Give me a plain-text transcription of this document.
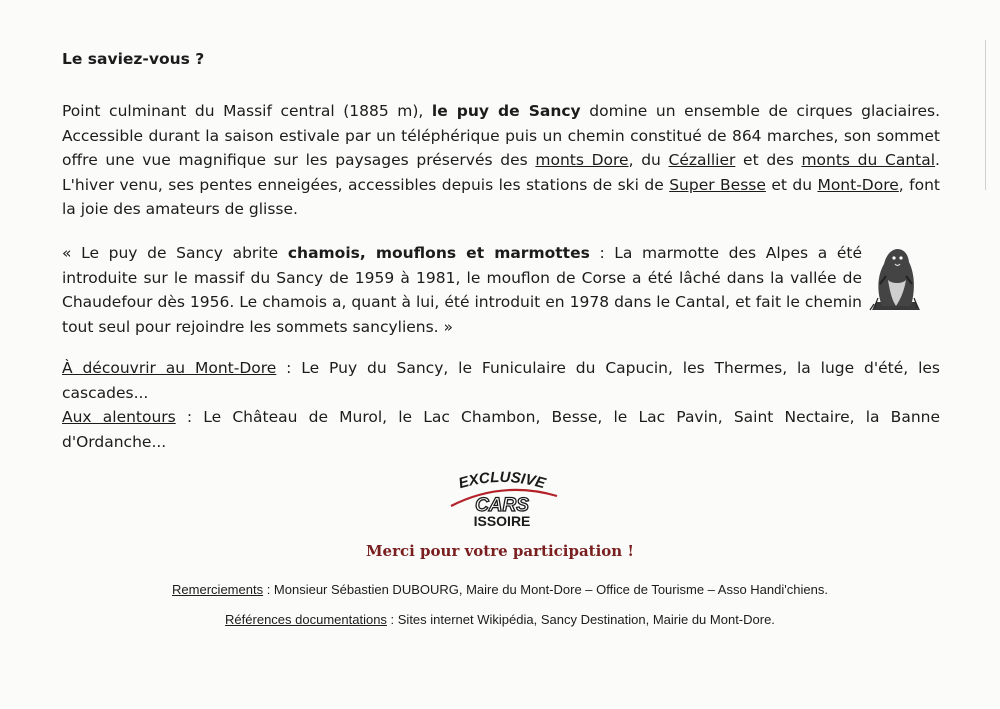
Le saviez-vous ?

Point culminant du Massif central (1885 m), le puy de Sancy domine un ensemble de cirques glaciaires. Accessible durant la saison estivale par un téléphérique puis un chemin constitué de 864 marches, son sommet offre une vue magnifique sur les paysages préservés des monts Dore, du Cézallier et des monts du Cantal. L'hiver venu, ses pentes enneigées, accessibles depuis les stations de ski de Super Besse et du Mont-Dore, font la joie des amateurs de glisse.

« Le puy de Sancy abrite chamois, mouflons et marmottes : La marmotte des Alpes a été introduite sur le massif du Sancy de 1959 à 1981, le mouflon de Corse a été lâché dans la vallée de Chaudefour dès 1956. Le chamois a, quant à lui, été introduit en 1978 dans le Cantal, et fait le chemin tout seul pour rejoindre les sommets sancyliens. »

À découvrir au Mont-Dore : Le Puy du Sancy, le Funiculaire du Capucin, les Thermes, la luge d'été, les cascades...
Aux alentours : Le Château de Murol, le Lac Chambon, Besse, le Lac Pavin, Saint Nectaire, la Banne d'Ordanche...
EXCLUSIVE
CARS
ISSOIRE
Merci pour votre participation !
Remerciements : Monsieur Sébastien DUBOURG, Maire du Mont-Dore – Office de Tourisme – Asso Handi'chiens.
Références documentations : Sites internet Wikipédia, Sancy Destination, Mairie du Mont-Dore.
